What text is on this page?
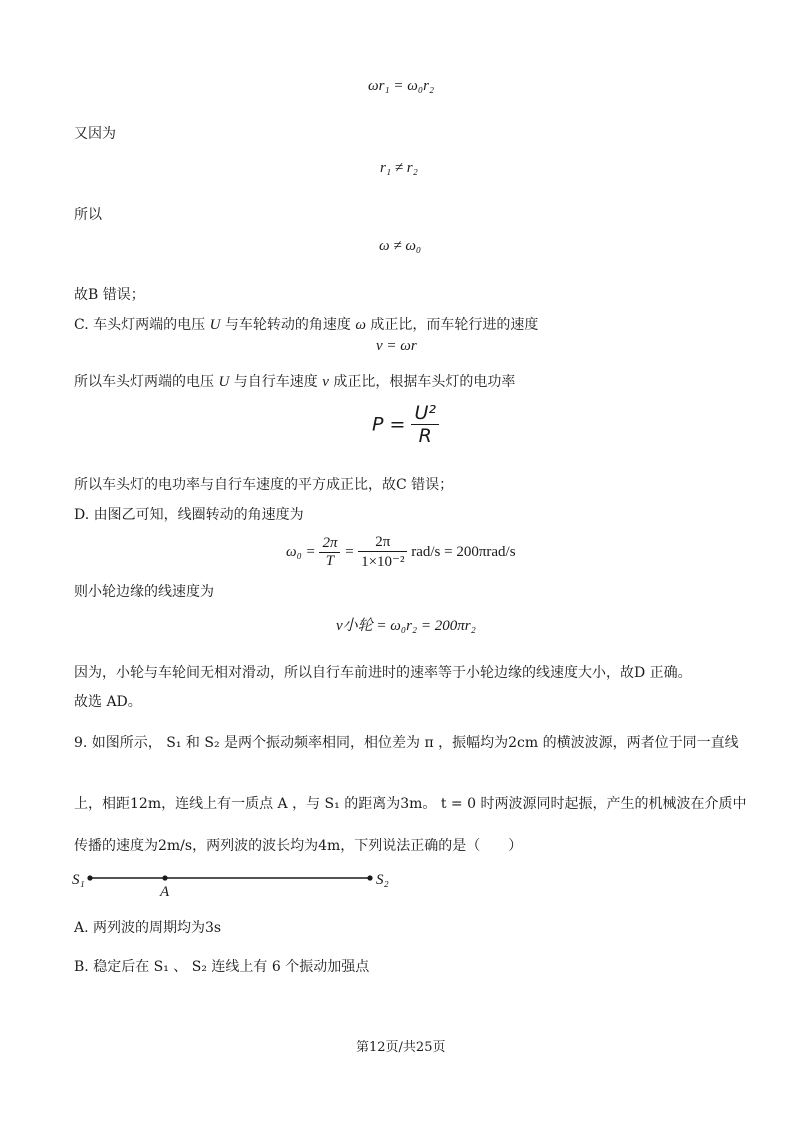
ωr₁ = ω₀r₂
又因为
r₁ ≠ r₂
所以
ω ≠ ω₀
故B 错误；
C. 车头灯两端的电压 U 与车轮转动的角速度 ω 成正比，而车轮行进的速度
v = ωr
所以车头灯两端的电压 U 与自行车速度 v 成正比，根据车头灯的电功率
$P = \frac{\text{U²}}{R}$
所以车头灯的电功率与自行车速度的平方成正比，故C 错误；
D. 由图乙可知，线圈转动的角速度为
$\omega_0 = \frac{2\pi}{T} = \frac{2\pi}{\text{1×10⁻²}} rad/s = 200\pi rad/s$
则小轮边缘的线速度为
v小轮 = ω₀r₂ = 200πr₂
因为，小轮与车轮间无相对滑动，所以自行车前进时的速率等于小轮边缘的线速度大小，故D 正确。
故选 AD。
9. 如图所示， S₁ 和 S₂ 是两个振动频率相同，相位差为 π ，振幅均为2cm 的横波波源，两者位于同一直线
上，相距12m，连线上有一质点 A ，与 S₁ 的距离为3m。 t = 0 时两波源同时起振，产生的机械波在介质中
传播的速度为2m/s，两列波的波长均为4m，下列说法正确的是（　　）
S₁
A
S₂
A. 两列波的周期均为3s
B. 稳定后在 S₁ 、 S₂ 连线上有 6 个振动加强点
第12页/共25页
